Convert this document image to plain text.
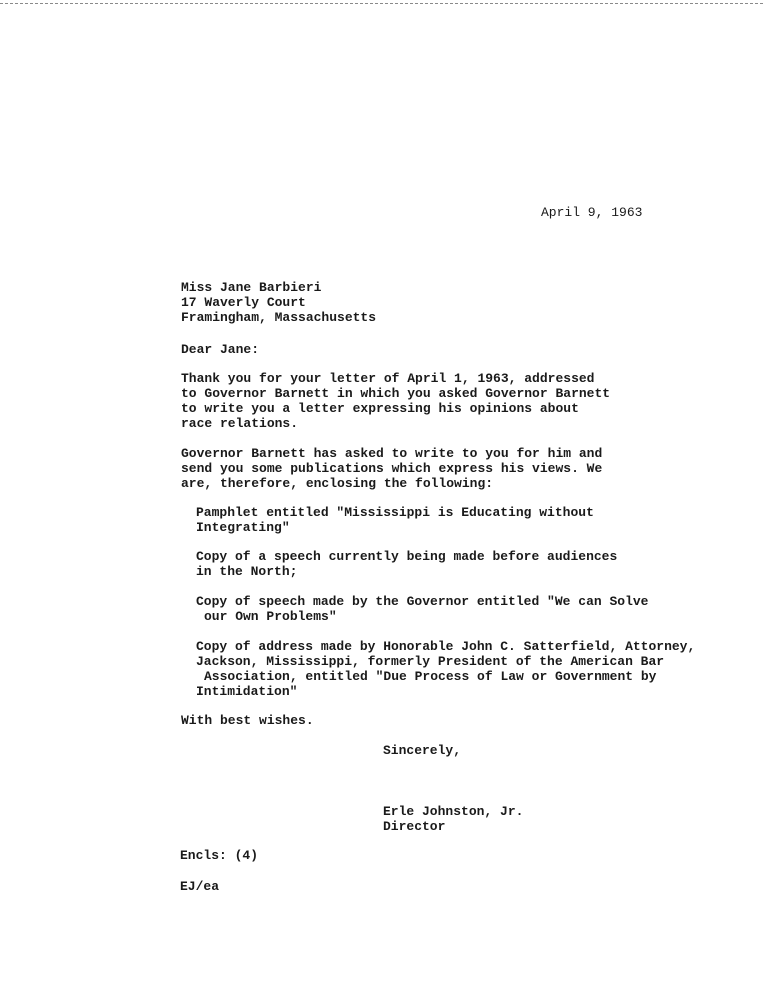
April 9, 1963
Miss Jane Barbieri
17 Waverly Court
Framingham, Massachusetts
Dear Jane:
Thank you for your letter of April 1, 1963, addressed
to Governor Barnett in which you asked Governor Barnett
to write you a letter expressing his opinions about
race relations.
Governor Barnett has asked to write to you for him and
send you some publications which express his views. We
are, therefore, enclosing the following:
Pamphlet entitled "Mississippi is Educating without
Integrating"
Copy of a speech currently being made before audiences
in the North;
Copy of speech made by the Governor entitled "We can Solve
our Own Problems"
Copy of address made by Honorable John C. Satterfield, Attorney,
Jackson, Mississippi, formerly President of the American Bar
Association, entitled "Due Process of Law or Government by
Intimidation"
With best wishes.
Sincerely,
Erle Johnston, Jr.
Director
Encls: (4)
EJ/ea
